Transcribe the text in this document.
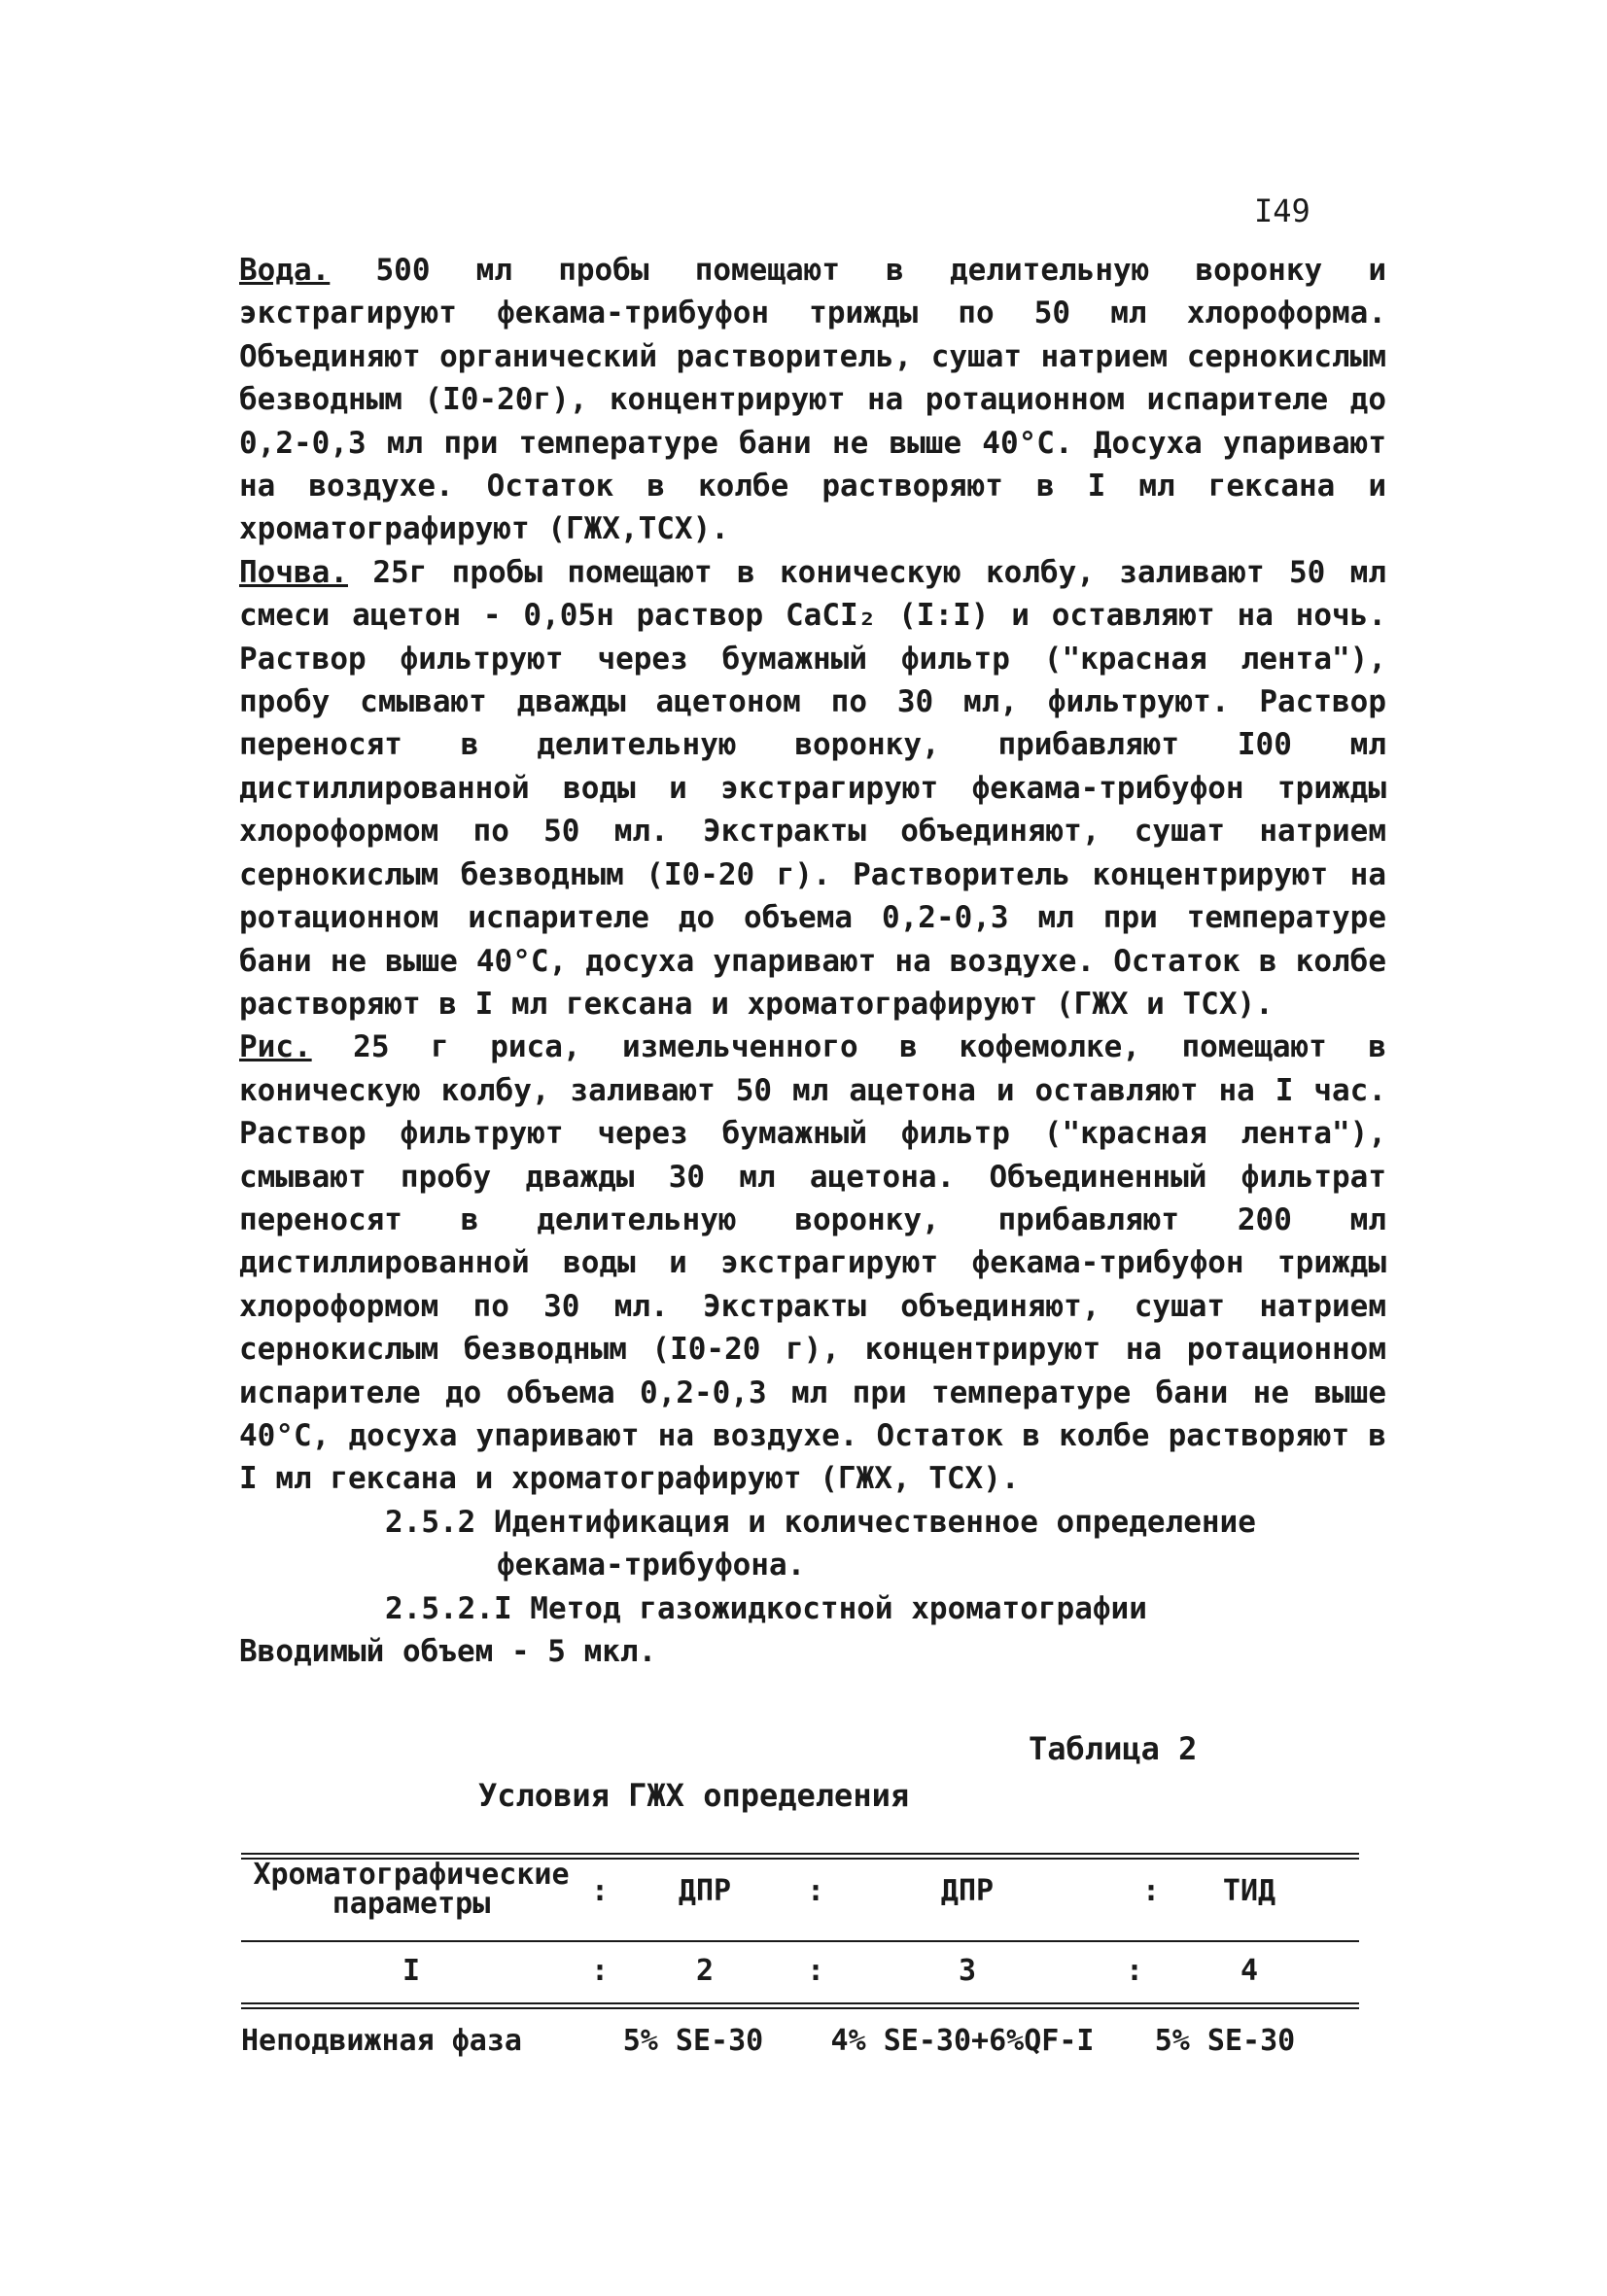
I49

Вода. 500 мл пробы помещают в делительную воронку и экстрагируют фекама-трибуфон трижды по 50 мл хлороформа. Объединяют органический растворитель, сушат натрием сернокислым безводным (I0-20г), концентрируют на ротационном испарителе до 0,2-0,3 мл при температуре бани не выше 40°С. Досуха упаривают на воздухе. Остаток в колбе растворяют в I мл гексана и хроматографируют (ГЖХ,ТСХ).

Почва. 25г пробы помещают в коническую колбу, заливают 50 мл смеси ацетон - 0,05н раствор CaCI₂ (I:I) и оставляют на ночь. Раствор фильтруют через бумажный фильтр ("красная лента"), пробу смывают дважды ацетоном по 30 мл, фильтруют. Раствор переносят в делительную воронку, прибавляют I00 мл дистиллированной воды и экстрагируют фекама-трибуфон трижды хлороформом по 50 мл. Экстракты объединяют, сушат натрием сернокислым безводным (I0-20 г). Растворитель концентрируют на ротационном испарителе до объема 0,2-0,3 мл при температуре бани не выше 40°С, досуха упаривают на воздухе. Остаток в колбе растворяют в I мл гексана и хроматографируют (ГЖХ и ТСХ).

Рис. 25 г риса, измельченного в кофемолке, помещают в коническую колбу, заливают 50 мл ацетона и оставляют на I час. Раствор фильтруют через бумажный фильтр ("красная лента"), смывают пробу дважды 30 мл ацетона. Объединенный фильтрат переносят в делительную воронку, прибавляют 200 мл дистиллированной воды и экстрагируют фекама-трибуфон трижды хлороформом по 30 мл. Экстракты объединяют, сушат натрием сернокислым безводным (I0-20 г), концентрируют на ротационном испарителе до объема 0,2-0,3 мл при температуре бани не выше 40°С, досуха упаривают на воздухе. Остаток в колбе растворяют в I мл гексана и хроматографируют (ГЖХ, ТСХ).

2.5.2 Идентификация и количественное определение

фекама-трибуфона.

2.5.2.I Метод газожидкостной хроматографии

Вводимый объем - 5 мкл.

Таблица 2
Условия ГЖХ определения
Хроматографические
параметры	:	ДПР	:	ДПР	:	ТИД
I	:	2	:	3	:	4
Неподвижная фаза	5% SE-30	4% SE-30+6%QF-I	5% SE-30
